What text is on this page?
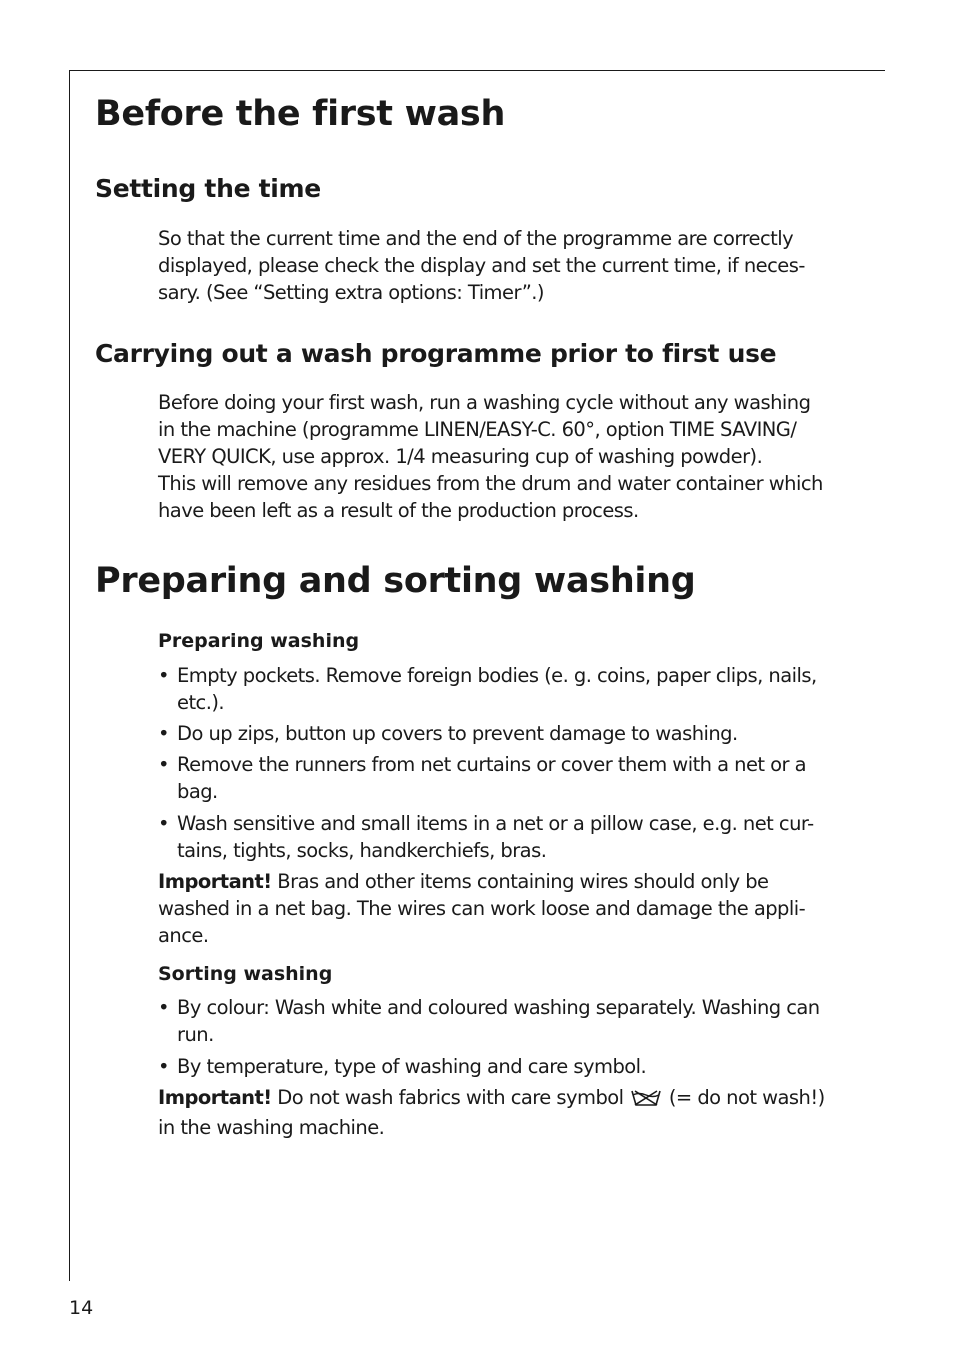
Before the first wash
Setting the time

So that the current time and the end of the programme are correctly
displayed, please check the display and set the current time, if neces-
sary. (See “Setting extra options: Timer”.)

Carrying out a wash programme prior to first use

Before doing your first wash, run a washing cycle without any washing
in the machine (programme LINEN/EASY-C. 60°, option TIME SAVING/
VERY QUICK, use approx. 1/4 measuring cup of washing powder).
This will remove any residues from the drum and water container which
have been left as a result of the production process.

Preparing and sorting washing
Preparing washing
• Empty pockets. Remove foreign bodies (e. g. coins, paper clips, nails,
etc.).
• Do up zips, button up covers to prevent damage to washing.
• Remove the runners from net curtains or cover them with a net or a
bag.
• Wash sensitive and small items in a net or a pillow case, e.g. net cur-
tains, tights, socks, handkerchiefs, bras.

Important! Bras and other items containing wires should only be
washed in a net bag. The wires can work loose and damage the appli-
ance.

Sorting washing
• By colour: Wash white and coloured washing separately. Washing can
run.
• By temperature, type of washing and care symbol.

Important! Do not wash fabrics with care symbol  (= do not wash!)
in the washing machine.

14
